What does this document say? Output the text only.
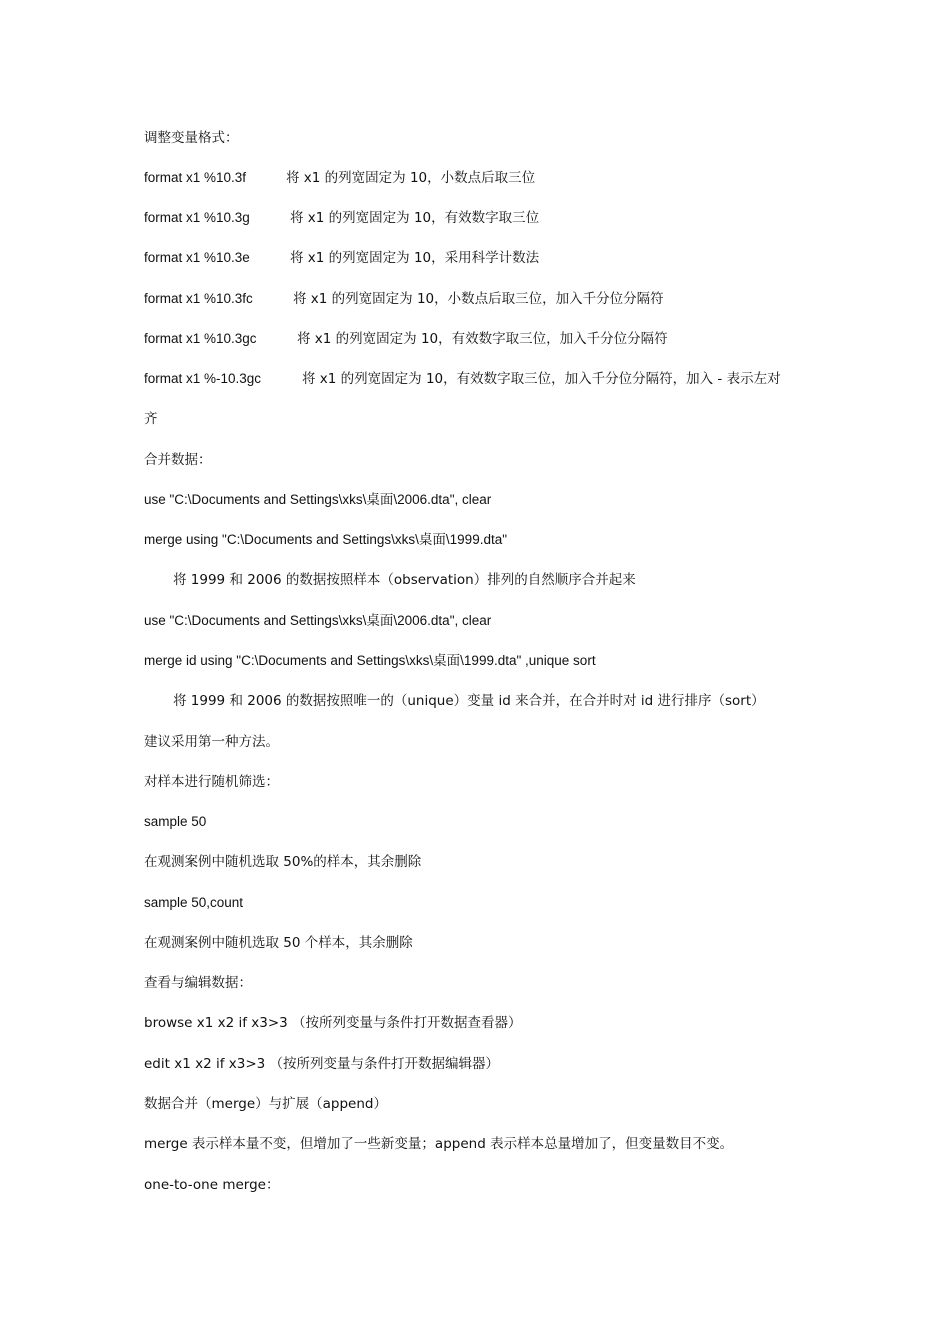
调整变量格式：
format x1 %10.3f	将 x1 的列宽固定为 10，小数点后取三位
format x1 %10.3g	将 x1 的列宽固定为 10，有效数字取三位
format x1 %10.3e	将 x1 的列宽固定为 10，采用科学计数法
format x1 %10.3fc	将 x1 的列宽固定为 10，小数点后取三位，加入千分位分隔符
format x1 %10.3gc	将 x1 的列宽固定为 10，有效数字取三位，加入千分位分隔符
format x1 %-10.3gc	将 x1 的列宽固定为 10，有效数字取三位，加入千分位分隔符，加入 - 表示左对
齐
合并数据：
use "C:\Documents and Settings\xks\桌面\2006.dta", clear
merge using "C:\Documents and Settings\xks\桌面\1999.dta"
将 1999 和 2006 的数据按照样本（observation）排列的自然顺序合并起来
use "C:\Documents and Settings\xks\桌面\2006.dta", clear
merge id using "C:\Documents and Settings\xks\桌面\1999.dta" ,unique sort
将 1999 和 2006 的数据按照唯一的（unique）变量 id 来合并，在合并时对 id 进行排序（sort）
建议采用第一种方法。
对样本进行随机筛选：
sample 50
在观测案例中随机选取 50%的样本，其余删除
sample 50,count
在观测案例中随机选取 50 个样本，其余删除
查看与编辑数据：
browse x1 x2 if x3>3 （按所列变量与条件打开数据查看器）
edit x1 x2 if x3>3 （按所列变量与条件打开数据编辑器）
数据合并（merge）与扩展（append）
merge 表示样本量不变，但增加了一些新变量；append 表示样本总量增加了，但变量数目不变。
one-to-one merge：
